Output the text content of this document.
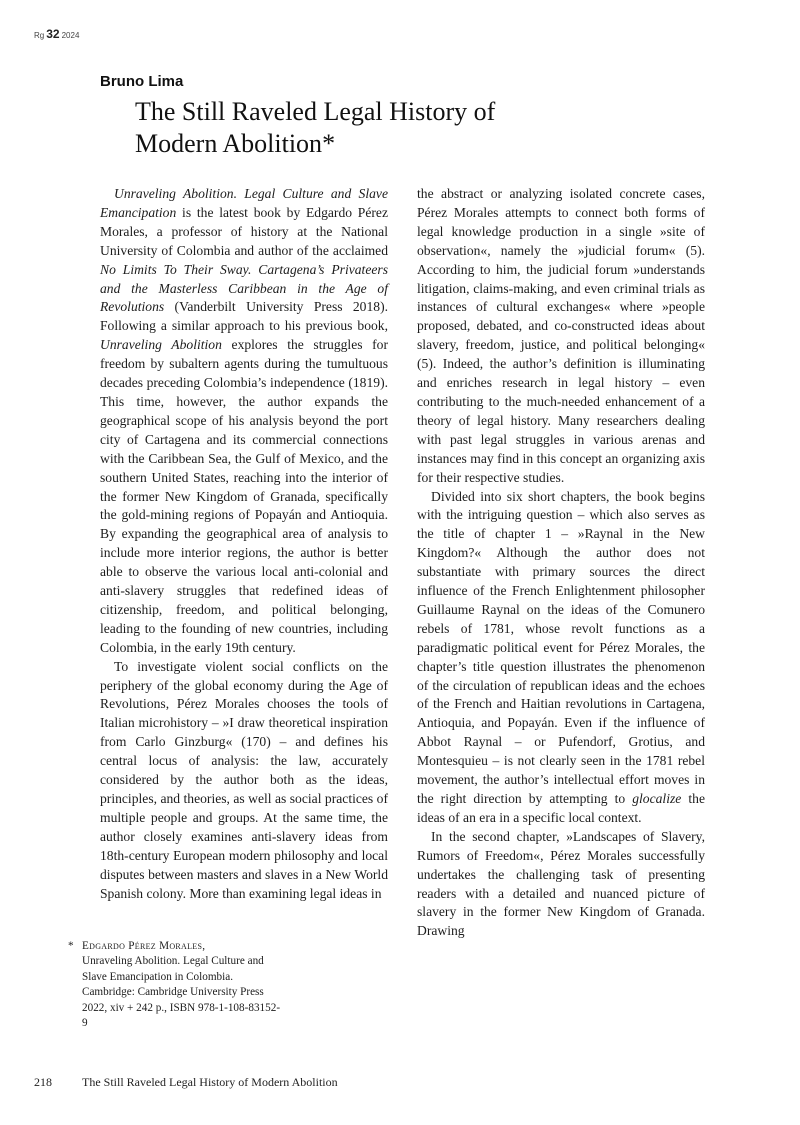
Rg 32 2024
Bruno Lima
The Still Raveled Legal History of
Modern Abolition*

Unraveling Abolition. Legal Culture and Slave Emancipation is the latest book by Edgardo Pérez Morales, a professor of history at the National University of Colombia and author of the acclaimed No Limits To Their Sway. Cartagena’s Privateers and the Masterless Caribbean in the Age of Revolutions (Vanderbilt University Press 2018). Following a similar approach to his previous book, Unraveling Abolition explores the struggles for freedom by subaltern agents during the tumultuous decades preceding Colombia’s independence (1819). This time, however, the author expands the geographical scope of his analysis beyond the port city of Cartagena and its commercial connections with the Caribbean Sea, the Gulf of Mexico, and the southern United States, reaching into the interior of the former New Kingdom of Granada, specifically the gold-mining regions of Popayán and Antioquia. By expanding the geographical area of analysis to include more interior regions, the author is better able to observe the various local anti-colonial and anti-slavery struggles that redefined ideas of citizenship, freedom, and political belonging, leading to the founding of new countries, including Colombia, in the early 19th century.

To investigate violent social conflicts on the periphery of the global economy during the Age of Revolutions, Pérez Morales chooses the tools of Italian microhistory – »I draw theoretical inspiration from Carlo Ginzburg« (170) – and defines his central locus of analysis: the law, accurately considered by the author both as the ideas, principles, and theories, as well as social practices of multiple people and groups. At the same time, the author closely examines anti-slavery ideas from 18th-century European modern philosophy and local disputes between masters and slaves in a New World Spanish colony. More than examining legal ideas in

the abstract or analyzing isolated concrete cases, Pérez Morales attempts to connect both forms of legal knowledge production in a single »site of observation«, namely the »judicial forum« (5). According to him, the judicial forum »understands litigation, claims-making, and even criminal trials as instances of cultural exchanges« where »people proposed, debated, and co-constructed ideas about slavery, freedom, justice, and political belonging« (5). Indeed, the author’s definition is illuminating and enriches research in legal history – even contributing to the much-needed enhancement of a theory of legal history. Many researchers dealing with past legal struggles in various arenas and instances may find in this concept an organizing axis for their respective studies.

Divided into six short chapters, the book begins with the intriguing question – which also serves as the title of chapter 1 – »Raynal in the New Kingdom?« Although the author does not substantiate with primary sources the direct influence of the French Enlightenment philosopher Guillaume Raynal on the ideas of the Comunero rebels of 1781, whose revolt functions as a paradigmatic political event for Pérez Morales, the chapter’s title question illustrates the phenomenon of the circulation of republican ideas and the echoes of the French and Haitian revolutions in Cartagena, Antioquia, and Popayán. Even if the influence of Abbot Raynal – or Pufendorf, Grotius, and Montesquieu – is not clearly seen in the 1781 rebel movement, the author’s intellectual effort moves in the right direction by attempting to glocalize the ideas of an era in a specific local context.

In the second chapter, »Landscapes of Slavery, Rumors of Freedom«, Pérez Morales successfully undertakes the challenging task of presenting readers with a detailed and nuanced picture of slavery in the former New Kingdom of Granada. Drawing

* Edgardo Pérez Morales,
Unraveling Abolition. Legal Culture and Slave Emancipation in Colombia. Cambridge: Cambridge University Press 2022, xiv + 242 p., ISBN 978-1-108-83152-9
218	The Still Raveled Legal History of Modern Abolition
